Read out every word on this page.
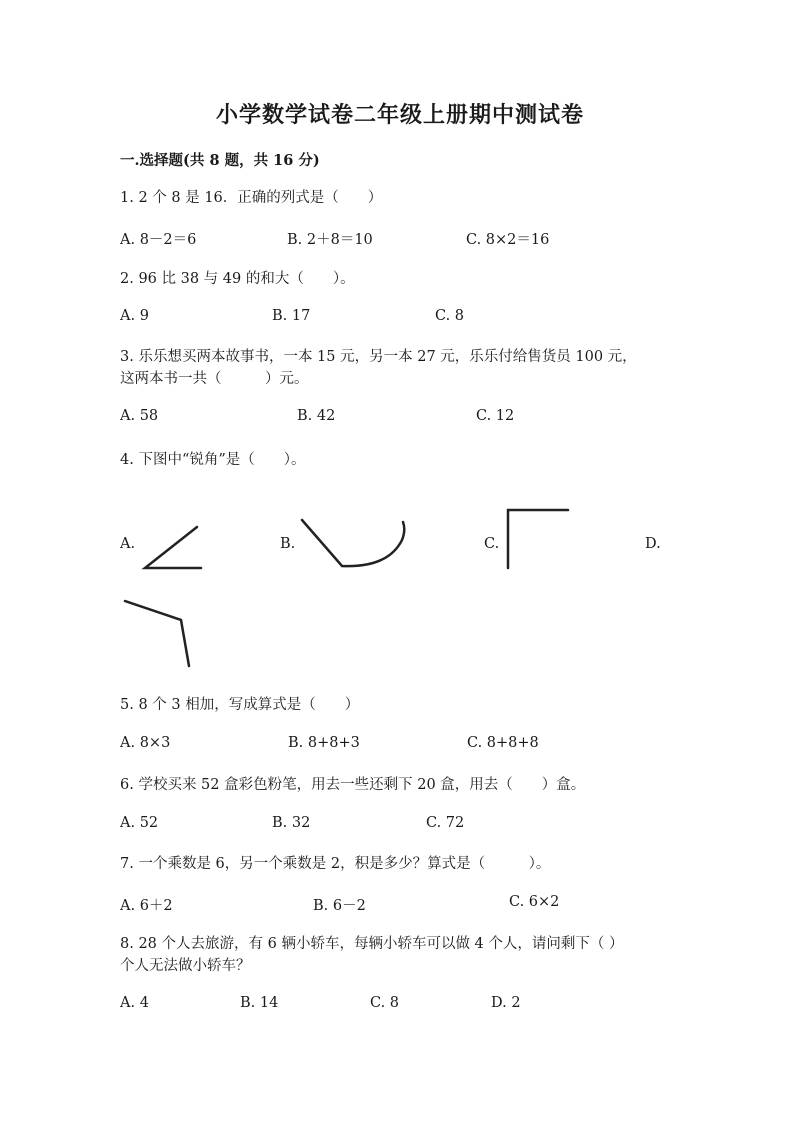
小学数学试卷二年级上册期中测试卷
一.选择题(共 8 题，共 16 分)
1. 2 个 8 是 16．正确的列式是（　　）
A. 8－2＝6	B. 2＋8＝10	C. 8×2＝16
2. 96 比 38 与 49 的和大（　　）。
A. 9	B. 17	C. 8
3. 乐乐想买两本故事书，一本 15 元，另一本 27 元，乐乐付给售货员 100 元，
这两本书一共（　　　）元。
A. 58	B. 42	C. 12
4. 下图中“锐角”是（　　）。
A.	B.	C.	D.
5. 8 个 3 相加，写成算式是（　　）
A. 8×3	B. 8+8+3	C. 8+8+8
6. 学校买来 52 盒彩色粉笔，用去一些还剩下 20 盒，用去（　　）盒。
A. 52	B. 32	C. 72
7. 一个乘数是 6，另一个乘数是 2，积是多少？算式是（　　　）。
A. 6＋2	B. 6－2	C. 6×2
8. 28 个人去旅游，有 6 辆小轿车，每辆小轿车可以做 4 个人，请问剩下（ ）
个人无法做小轿车？
A. 4	B. 14	C. 8	D. 2
